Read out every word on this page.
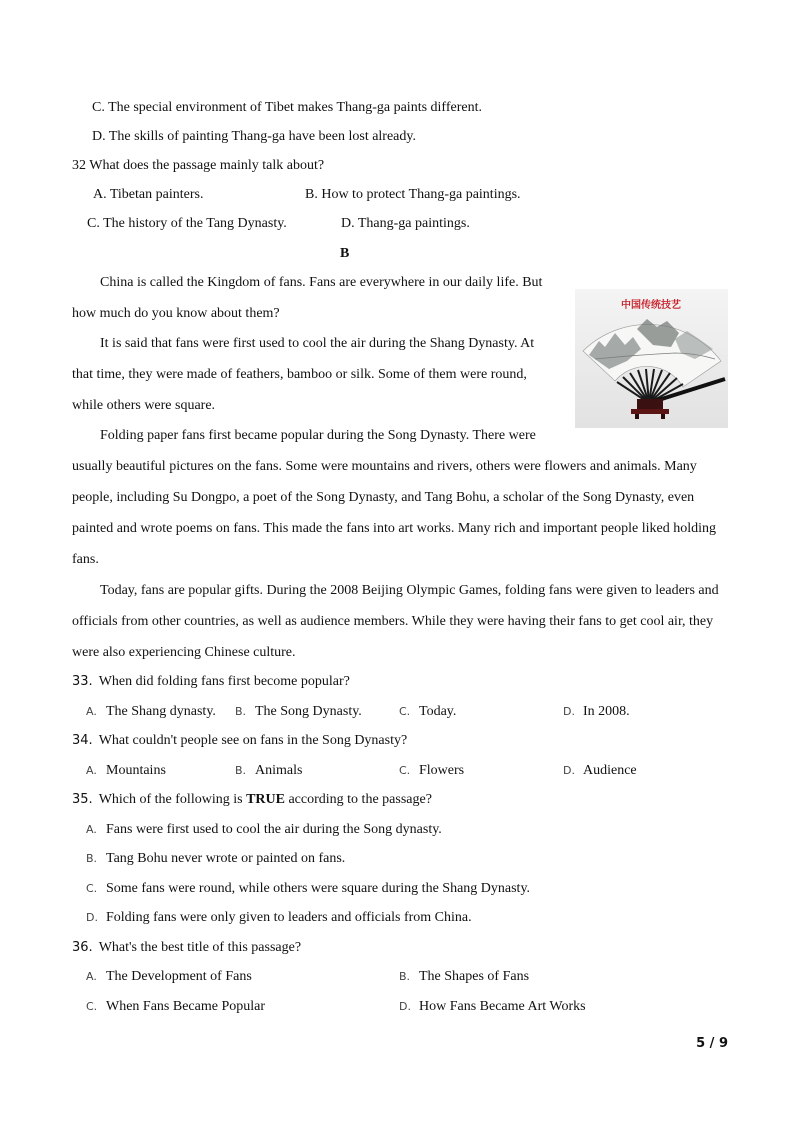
C. The special environment of Tibet makes Thang-ga paints different.
D. The skills of painting Thang-ga have been lost already.
32 What does the passage mainly talk about?
A. Tibetan painters.	B. How to protect Thang-ga paintings.
C. The history of the Tang Dynasty.	D. Thang-ga paintings.
B
China is called the Kingdom of fans. Fans are everywhere in our daily life. But
how much do you know about them?
It is said that fans were first used to cool the air during the Shang Dynasty. At
that time, they were made of feathers, bamboo or silk. Some of them were round,
while others were square.
Folding paper fans first became popular during the Song Dynasty. There were
usually beautiful pictures on the fans. Some were mountains and rivers, others were flowers and animals. Many
people, including Su Dongpo, a poet of the Song Dynasty, and Tang Bohu, a scholar of the Song Dynasty, even
painted and wrote poems on fans. This made the fans into art works. Many rich and important people liked holding
fans.
Today, fans are popular gifts. During the 2008 Beijing Olympic Games, folding fans were given to leaders and
officials from other countries, as well as audience members. While they were having their fans to get cool air, they
were also experiencing Chinese culture.
中国传统技艺
33. When did folding fans first become popular?
A. The Shang dynasty. B. The Song Dynasty.	C. Today.	D. In 2008.
34. What couldn't people see on fans in the Song Dynasty?
A. Mountains	B. Animals	C. Flowers	D. Audience
35. Which of the following is TRUE according to the passage?
A. Fans were first used to cool the air during the Song dynasty.
B. Tang Bohu never wrote or painted on fans.
C. Some fans were round, while others were square during the Shang Dynasty.
D. Folding fans were only given to leaders and officials from China.
36. What's the best title of this passage?
A. The Development of Fans	B. The Shapes of Fans
C. When Fans Became Popular	D. How Fans Became Art Works
5 / 9
